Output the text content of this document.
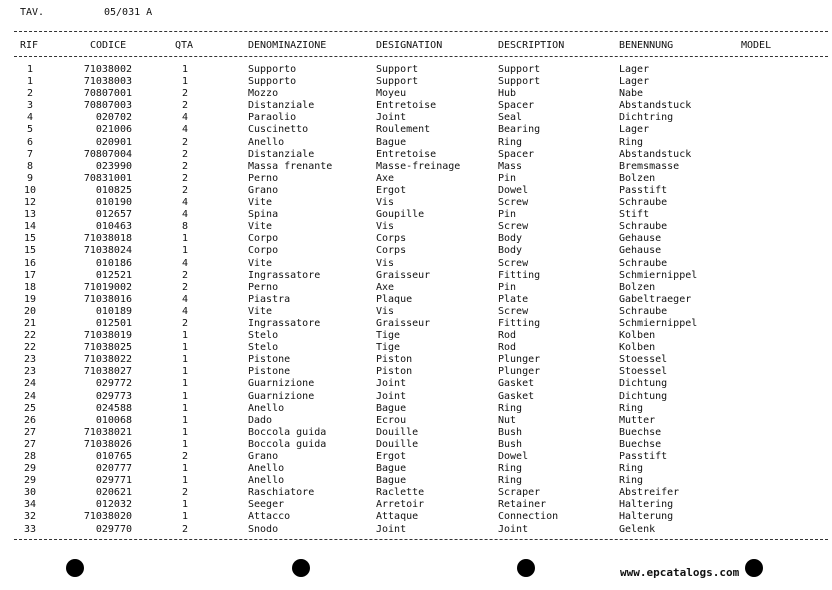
TAV.	05/031 A
RIF	CODICE	QTA	DENOMINAZIONE	DESIGNATION	DESCRIPTION	BENENNUNG	MODEL
1	71038002	1	Supporto	Support	Support	Lager
1	71038003	1	Supporto	Support	Support	Lager
2	70807001	2	Mozzo	Moyeu	Hub	Nabe
3	70807003	2	Distanziale	Entretoise	Spacer	Abstandstuck
4	020702	4	Paraolio	Joint	Seal	Dichtring
5	021006	4	Cuscinetto	Roulement	Bearing	Lager
6	020901	2	Anello	Bague	Ring	Ring
7	70807004	2	Distanziale	Entretoise	Spacer	Abstandstuck
8	023990	2	Massa frenante	Masse-freinage	Mass	Bremsmasse
9	70831001	2	Perno	Axe	Pin	Bolzen
10	010825	2	Grano	Ergot	Dowel	Passtift
12	010190	4	Vite	Vis	Screw	Schraube
13	012657	4	Spina	Goupille	Pin	Stift
14	010463	8	Vite	Vis	Screw	Schraube
15	71038018	1	Corpo	Corps	Body	Gehause
15	71038024	1	Corpo	Corps	Body	Gehause
16	010186	4	Vite	Vis	Screw	Schraube
17	012521	2	Ingrassatore	Graisseur	Fitting	Schmiernippel
18	71019002	2	Perno	Axe	Pin	Bolzen
19	71038016	4	Piastra	Plaque	Plate	Gabeltraeger
20	010189	4	Vite	Vis	Screw	Schraube
21	012501	2	Ingrassatore	Graisseur	Fitting	Schmiernippel
22	71038019	1	Stelo	Tige	Rod	Kolben
22	71038025	1	Stelo	Tige	Rod	Kolben
23	71038022	1	Pistone	Piston	Plunger	Stoessel
23	71038027	1	Pistone	Piston	Plunger	Stoessel
24	029772	1	Guarnizione	Joint	Gasket	Dichtung
24	029773	1	Guarnizione	Joint	Gasket	Dichtung
25	024588	1	Anello	Bague	Ring	Ring
26	010068	1	Dado	Ecrou	Nut	Mutter
27	71038021	1	Boccola guida	Douille	Bush	Buechse
27	71038026	1	Boccola guida	Douille	Bush	Buechse
28	010765	2	Grano	Ergot	Dowel	Passtift
29	020777	1	Anello	Bague	Ring	Ring
29	029771	1	Anello	Bague	Ring	Ring
30	020621	2	Raschiatore	Raclette	Scraper	Abstreifer
34	012032	1	Seeger	Arretoir	Retainer	Haltering
32	71038020	1	Attacco	Attaque	Connection	Halterung
33	029770	2	Snodo	Joint	Joint	Gelenk
www.epcatalogs.com
